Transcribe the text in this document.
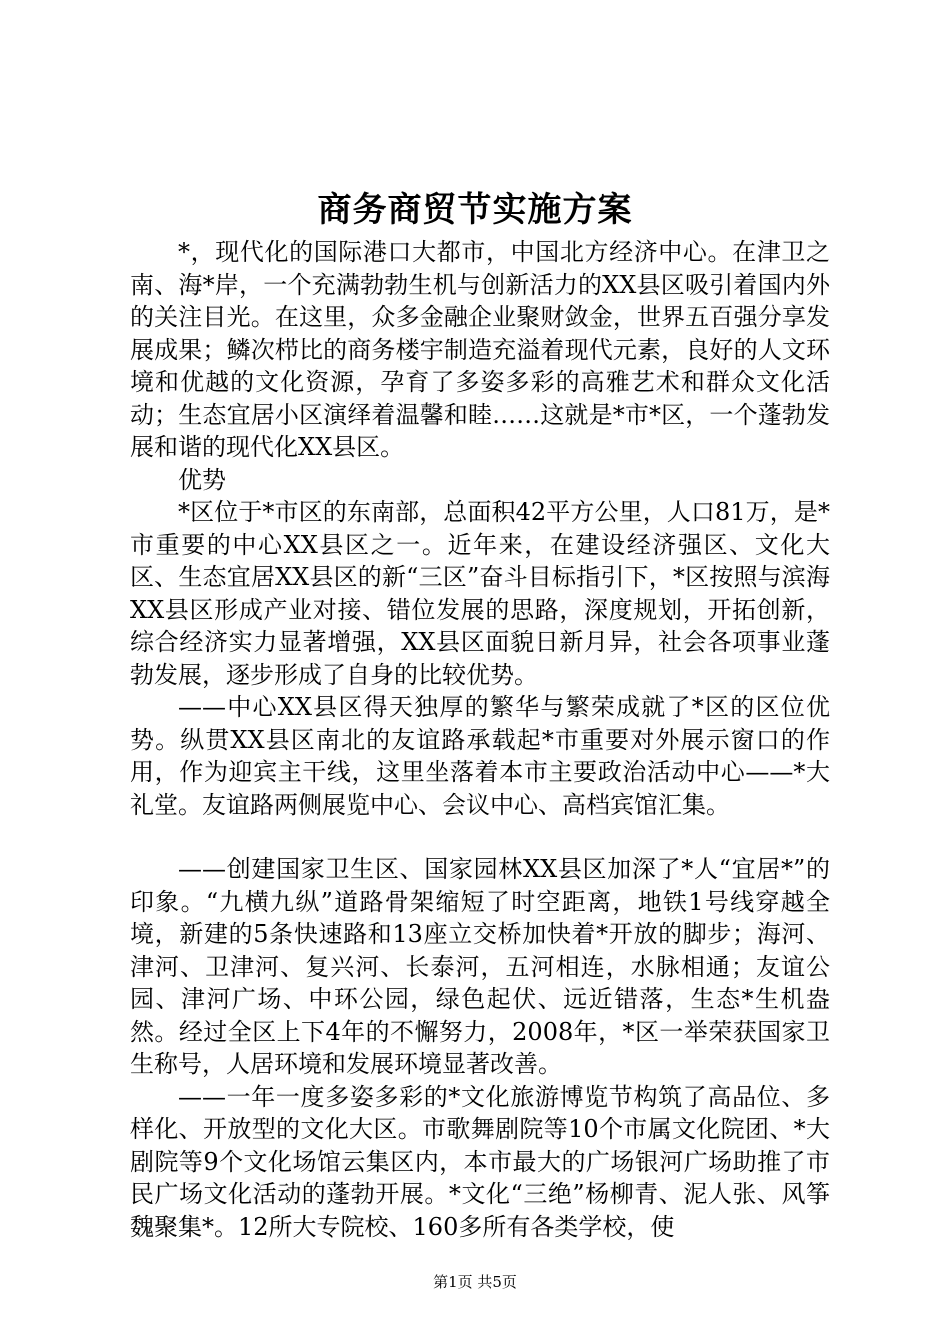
商务商贸节实施方案

*，现代化的国际港口大都市，中国北方经济中心。在津卫之南、海*岸，一个充满勃勃生机与创新活力的XX县区吸引着国内外的关注目光。在这里，众多金融企业聚财敛金，世界五百强分享发展成果；鳞次栉比的商务楼宇制造充溢着现代元素，良好的人文环境和优越的文化资源，孕育了多姿多彩的高雅艺术和群众文化活动；生态宜居小区演绎着温馨和睦……这就是*市*区，一个蓬勃发展和谐的现代化XX县区。

优势

*区位于*市区的东南部，总面积42平方公里，人口81万，是*市重要的中心XX县区之一。近年来，在建设经济强区、文化大区、生态宜居XX县区的新“三区”奋斗目标指引下，*区按照与滨海XX县区形成产业对接、错位发展的思路，深度规划，开拓创新，综合经济实力显著增强，XX县区面貌日新月异，社会各项事业蓬勃发展，逐步形成了自身的比较优势。

——中心XX县区得天独厚的繁华与繁荣成就了*区的区位优势。纵贯XX县区南北的友谊路承载起*市重要对外展示窗口的作用，作为迎宾主干线，这里坐落着本市主要政治活动中心——*大礼堂。友谊路两侧展览中心、会议中心、高档宾馆汇集。

——创建国家卫生区、国家园林XX县区加深了*人“宜居*”的印象。“九横九纵”道路骨架缩短了时空距离，地铁1号线穿越全境，新建的5条快速路和13座立交桥加快着*开放的脚步；海河、津河、卫津河、复兴河、长泰河，五河相连，水脉相通；友谊公园、津河广场、中环公园，绿色起伏、远近错落，生态*生机盎然。经过全区上下4年的不懈努力，2008年，*区一举荣获国家卫生称号，人居环境和发展环境显著改善。

——一年一度多姿多彩的*文化旅游博览节构筑了高品位、多样化、开放型的文化大区。市歌舞剧院等10个市属文化院团、*大剧院等9个文化场馆云集区内，本市最大的广场银河广场助推了市民广场文化活动的蓬勃开展。*文化“三绝”杨柳青、泥人张、风筝魏聚集*。12所大专院校、160多所有各类学校，使

第1页 共5页
